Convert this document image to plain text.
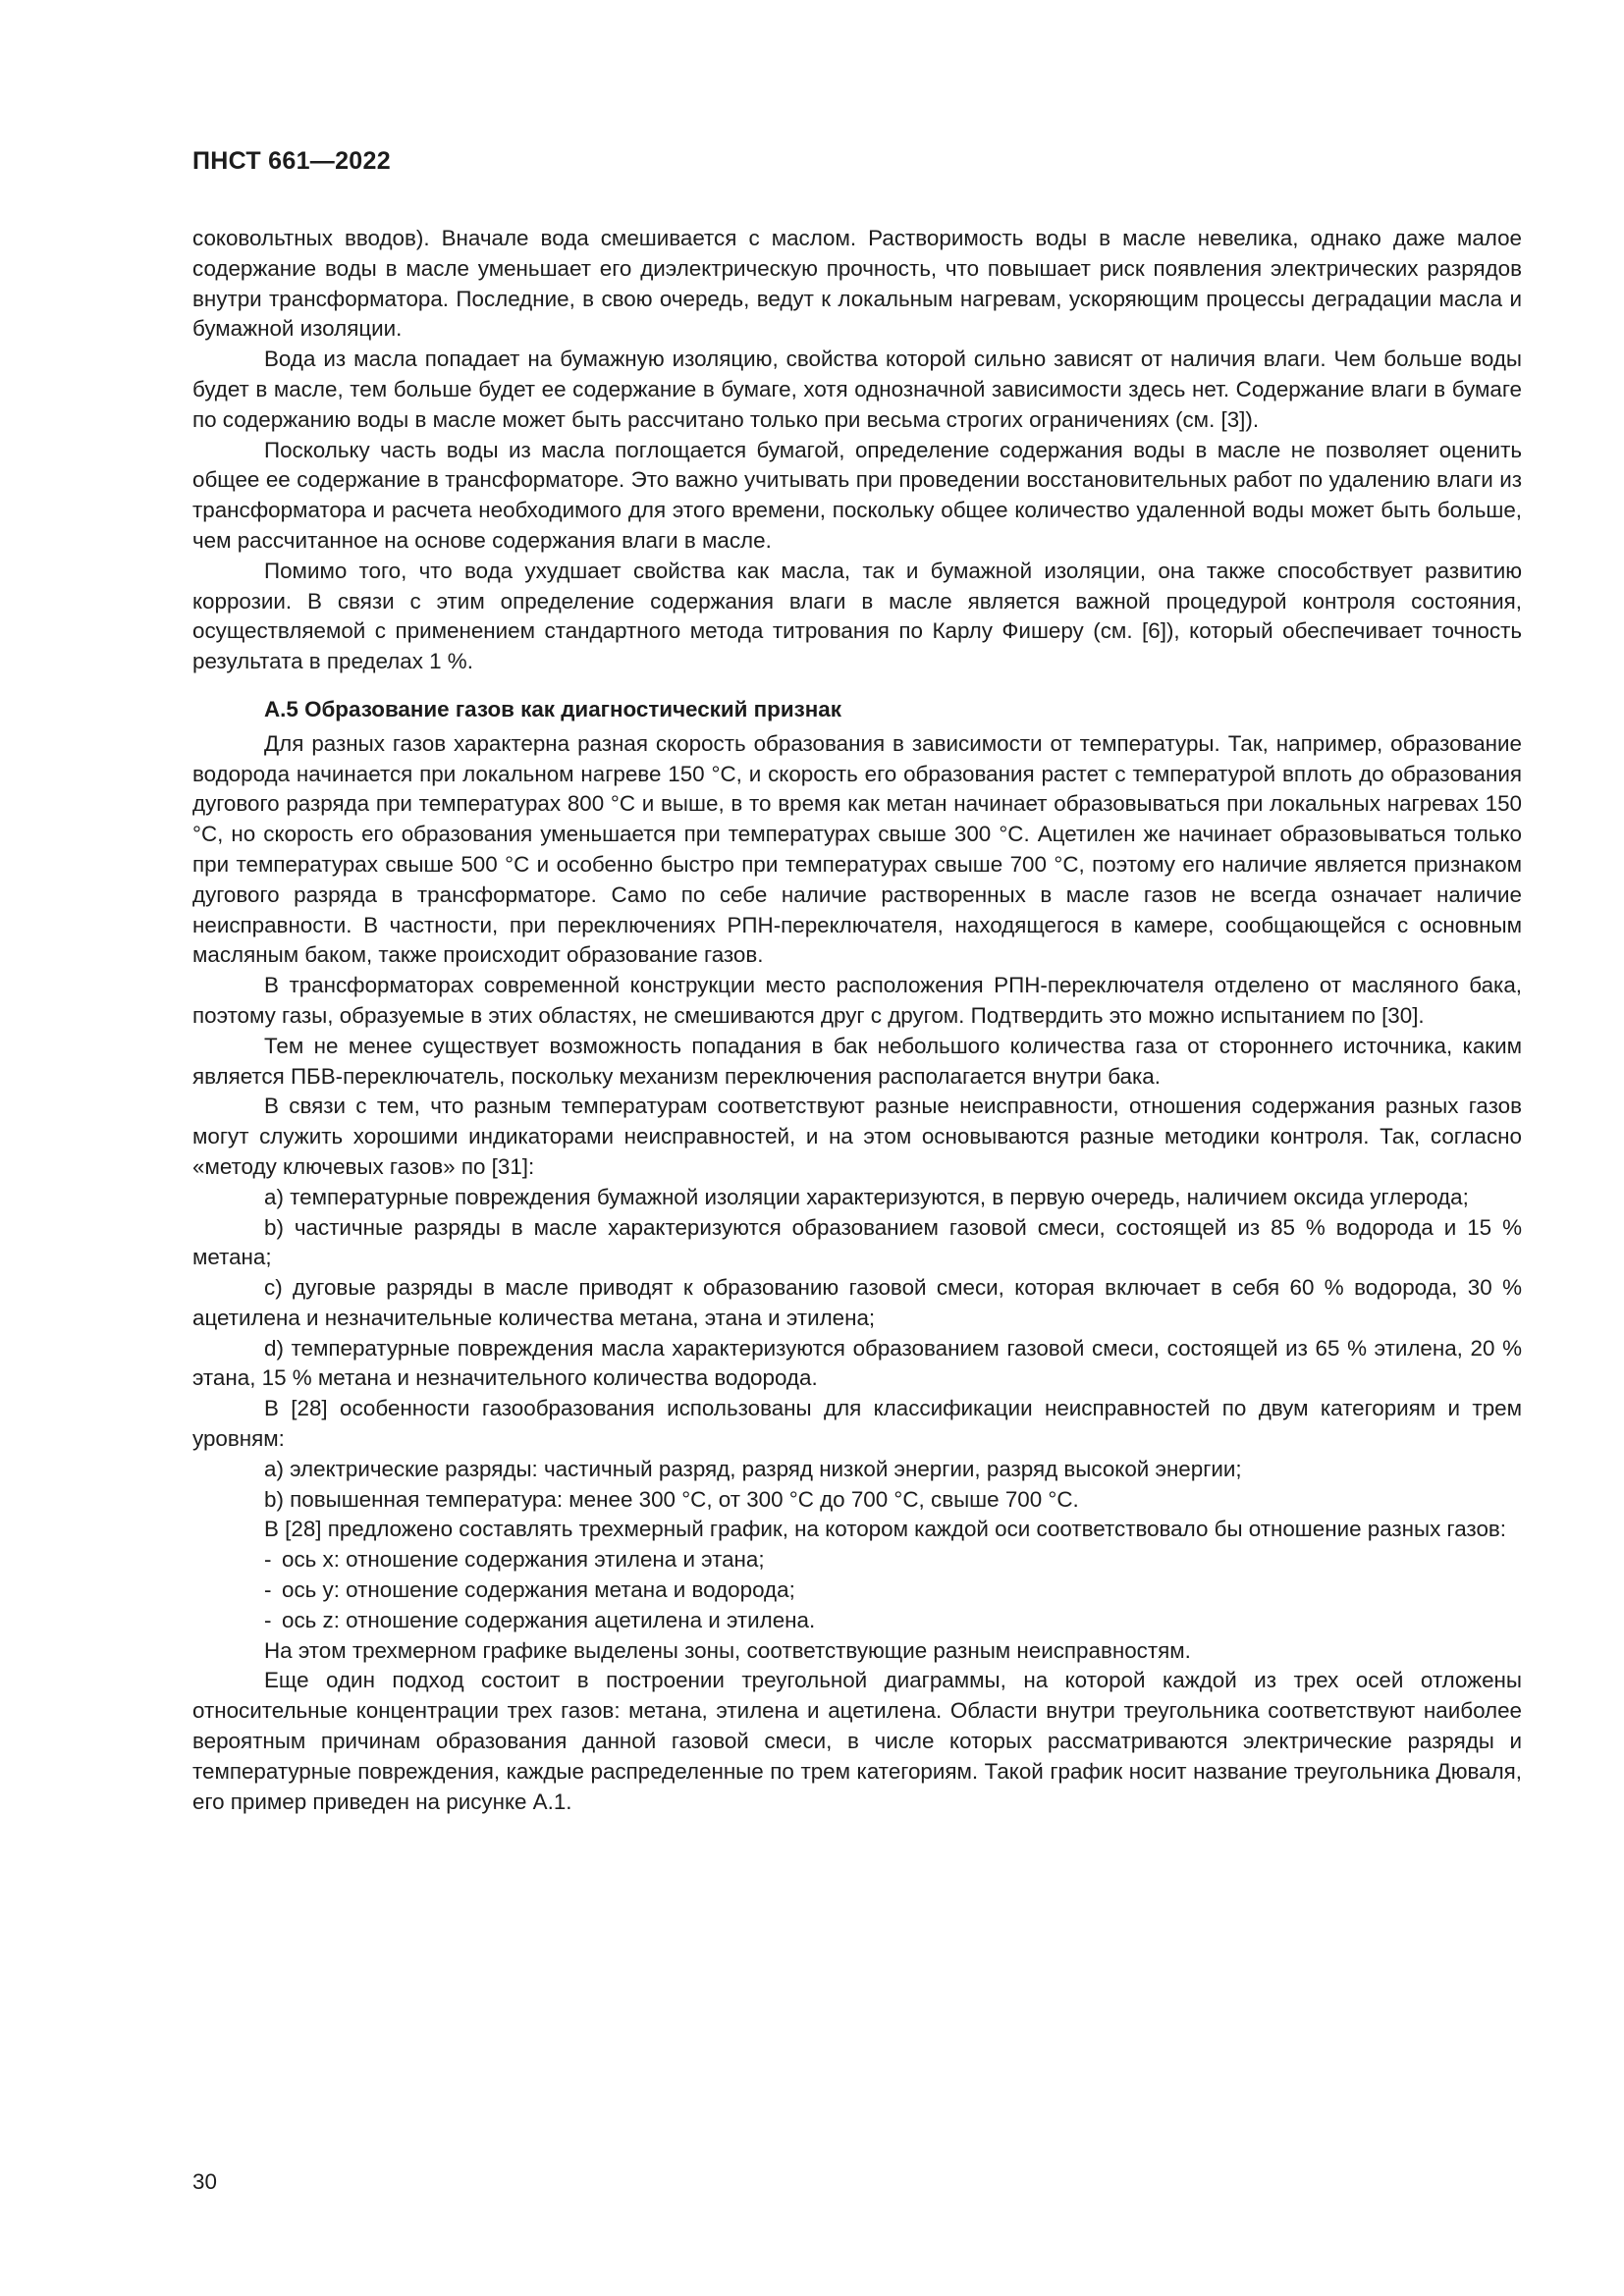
ПНСТ 661—2022

соковольтных вводов). Вначале вода смешивается с маслом. Растворимость воды в масле невелика, однако даже малое содержание воды в масле уменьшает его диэлектрическую прочность, что повышает риск появления электрических разрядов внутри трансформатора. Последние, в свою очередь, ведут к локальным нагревам, ускоряющим процессы деградации масла и бумажной изоляции.

Вода из масла попадает на бумажную изоляцию, свойства которой сильно зависят от наличия влаги. Чем больше воды будет в масле, тем больше будет ее содержание в бумаге, хотя однозначной зависимости здесь нет. Содержание влаги в бумаге по содержанию воды в масле может быть рассчитано только при весьма строгих ограничениях (см. [3]).

Поскольку часть воды из масла поглощается бумагой, определение содержания воды в масле не позволяет оценить общее ее содержание в трансформаторе. Это важно учитывать при проведении восстановительных работ по удалению влаги из трансформатора и расчета необходимого для этого времени, поскольку общее количество удаленной воды может быть больше, чем рассчитанное на основе содержания влаги в масле.

Помимо того, что вода ухудшает свойства как масла, так и бумажной изоляции, она также способствует развитию коррозии. В связи с этим определение содержания влаги в масле является важной процедурой контроля состояния, осуществляемой с применением стандартного метода титрования по Карлу Фишеру (см. [6]), который обеспечивает точность результата в пределах 1 %.

А.5 Образование газов как диагностический признак

Для разных газов характерна разная скорость образования в зависимости от температуры. Так, например, образование водорода начинается при локальном нагреве 150 °С, и скорость его образования растет с температурой вплоть до образования дугового разряда при температурах 800 °С и выше, в то время как метан начинает образовываться при локальных нагревах 150 °С, но скорость его образования уменьшается при температурах свыше 300 °С. Ацетилен же начинает образовываться только при температурах свыше 500 °С и особенно быстро при температурах свыше 700 °С, поэтому его наличие является признаком дугового разряда в трансформаторе. Само по себе наличие растворенных в масле газов не всегда означает наличие неисправности. В частности, при переключениях РПН-переключателя, находящегося в камере, сообщающейся с основным масляным баком, также происходит образование газов.

В трансформаторах современной конструкции место расположения РПН-переключателя отделено от масляного бака, поэтому газы, образуемые в этих областях, не смешиваются друг с другом. Подтвердить это можно испытанием по [30].

Тем не менее существует возможность попадания в бак небольшого количества газа от стороннего источника, каким является ПБВ-переключатель, поскольку механизм переключения располагается внутри бака.

В связи с тем, что разным температурам соответствуют разные неисправности, отношения содержания разных газов могут служить хорошими индикаторами неисправностей, и на этом основываются разные методики контроля. Так, согласно «методу ключевых газов» по [31]:

а) температурные повреждения бумажной изоляции характеризуются, в первую очередь, наличием оксида углерода;

b) частичные разряды в масле характеризуются образованием газовой смеси, состоящей из 85 % водорода и 15 % метана;

c) дуговые разряды в масле приводят к образованию газовой смеси, которая включает в себя 60 % водорода, 30 % ацетилена и незначительные количества метана, этана и этилена;

d) температурные повреждения масла характеризуются образованием газовой смеси, состоящей из 65 % этилена, 20 % этана, 15 % метана и незначительного количества водорода.

В [28] особенности газообразования использованы для классификации неисправностей по двум категориям и трем уровням:

а) электрические разряды: частичный разряд, разряд низкой энергии, разряд высокой энергии;

b) повышенная температура: менее 300 °С, от 300 °С до 700 °С, свыше 700 °С.

В [28] предложено составлять трехмерный график, на котором каждой оси соответствовало бы отношение разных газов:

- ось х: отношение содержания этилена и этана;
- ось у: отношение содержания метана и водорода;
- ось z: отношение содержания ацетилена и этилена.

На этом трехмерном графике выделены зоны, соответствующие разным неисправностям.

Еще один подход состоит в построении треугольной диаграммы, на которой каждой из трех осей отложены относительные концентрации трех газов: метана, этилена и ацетилена. Области внутри треугольника соответствуют наиболее вероятным причинам образования данной газовой смеси, в числе которых рассматриваются электрические разряды и температурные повреждения, каждые распределенные по трем категориям. Такой график носит название треугольника Дюваля, его пример приведен на рисунке А.1.

30
